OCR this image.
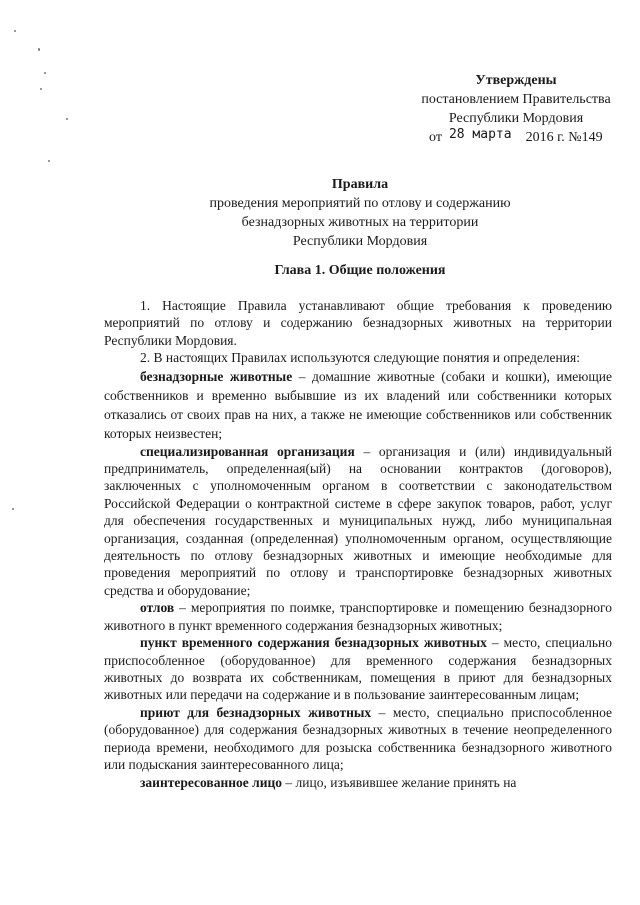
Утверждены
постановлением Правительства
Республики Мордовия
от 28 марта 2016 г. №149
Правила
проведения мероприятий по отлову и содержанию
безнадзорных животных на территории
Республики Мордовия
Глава 1. Общие положения

1. Настоящие Правила устанавливают общие требования к проведению мероприятий по отлову и содержанию безнадзорных животных на территории Республики Мордовия.

2. В настоящих Правилах используются следующие понятия и определения:

безнадзорные животные – домашние животные (собаки и кошки), имеющие собственников и временно выбывшие из их владений или собственники которых отказались от своих прав на них, а также не имеющие собственников или собственник которых неизвестен;

специализированная организация – организация и (или) индивидуальный предприниматель, определенная(ый) на основании контрактов (договоров), заключенных с уполномоченным органом в соответствии с законодательством Российской Федерации о контрактной системе в сфере закупок товаров, работ, услуг для обеспечения государственных и муниципальных нужд, либо муниципальная организация, созданная (определенная) уполномоченным органом, осуществляющие деятельность по отлову безнадзорных животных и имеющие необходимые для проведения мероприятий по отлову и транспортировке безнадзорных животных средства и оборудование;

отлов – мероприятия по поимке, транспортировке и помещению безнадзорного животного в пункт временного содержания безнадзорных животных;

пункт временного содержания безнадзорных животных – место, специально приспособленное (оборудованное) для временного содержания безнадзорных животных до возврата их собственникам, помещения в приют для безнадзорных животных или передачи на содержание и в пользование заинтересованным лицам;

приют для безнадзорных животных – место, специально приспособленное (оборудованное) для содержания безнадзорных животных в течение неопределенного периода времени, необходимого для розыска собственника безнадзорного животного или подыскания заинтересованного лица;

заинтересованное лицо – лицо, изъявившее желание принять на
